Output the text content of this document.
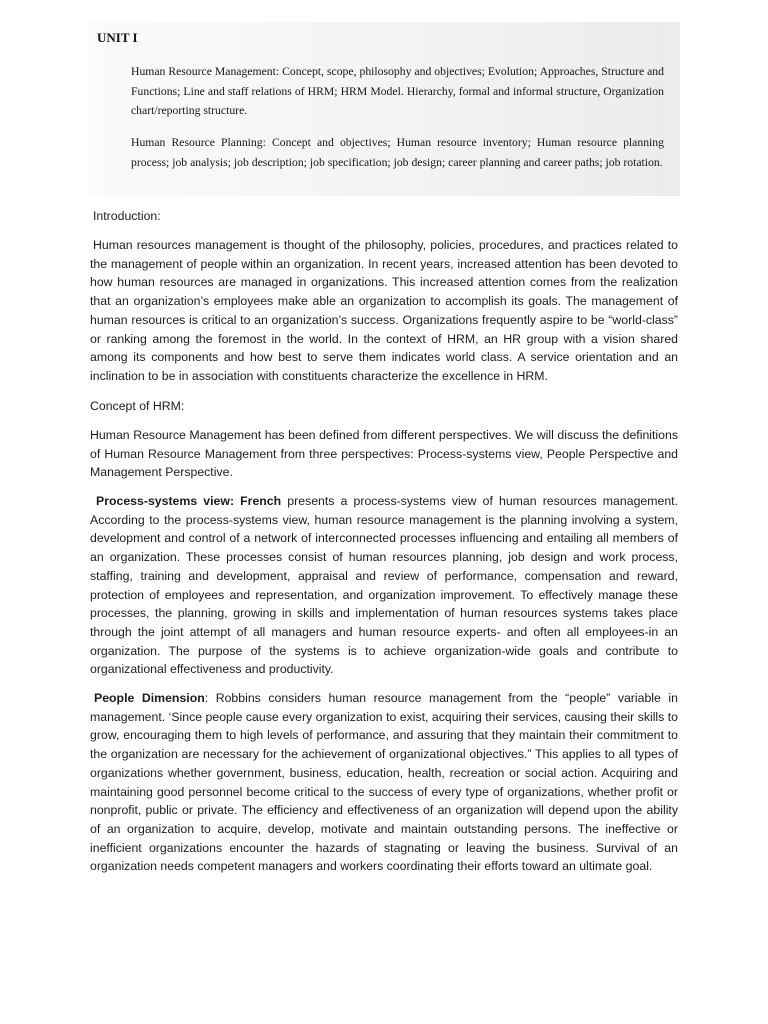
UNIT I

Human Resource Management: Concept, scope, philosophy and objectives; Evolution; Approaches, Structure and Functions; Line and staff relations of HRM; HRM Model. Hierarchy, formal and informal structure, Organization chart/reporting structure.

Human Resource Planning: Concept and objectives; Human resource inventory; Human resource planning process; job analysis; job description; job specification; job design; career planning and career paths; job rotation.

Introduction:

Human resources management is thought of the philosophy, policies, procedures, and practices related to the management of people within an organization. In recent years, increased attention has been devoted to how human resources are managed in organizations. This increased attention comes from the realization that an organization’s employees make able an organization to accomplish its goals. The management of human resources is critical to an organization’s success. Organizations frequently aspire to be “world-class” or ranking among the foremost in the world. In the context of HRM, an HR group with a vision shared among its components and how best to serve them indicates world class. A service orientation and an inclination to be in association with constituents characterize the excellence in HRM.

Concept of HRM:

Human Resource Management has been defined from different perspectives. We will discuss the definitions of Human Resource Management from three perspectives: Process-systems view, People Perspective and Management Perspective.

Process-systems view: French presents a process-systems view of human resources management. According to the process-systems view, human resource management is the planning involving a system, development and control of a network of interconnected processes influencing and entailing all members of an organization. These processes consist of human resources planning, job design and work process, staffing, training and development, appraisal and review of performance, compensation and reward, protection of employees and representation, and organization improvement. To effectively manage these processes, the planning, growing in skills and implementation of human resources systems takes place through the joint attempt of all managers and human resource experts- and often all employees-in an organization. The purpose of the systems is to achieve organization-wide goals and contribute to organizational effectiveness and productivity.

People Dimension: Robbins considers human resource management from the “people” variable in management. ‘Since people cause every organization to exist, acquiring their services, causing their skills to grow, encouraging them to high levels of performance, and assuring that they maintain their commitment to the organization are necessary for the achievement of organizational objectives.” This applies to all types of organizations whether government, business, education, health, recreation or social action. Acquiring and maintaining good personnel become critical to the success of every type of organizations, whether profit or nonprofit, public or private. The efficiency and effectiveness of an organization will depend upon the ability of an organization to acquire, develop, motivate and maintain outstanding persons. The ineffective or inefficient organizations encounter the hazards of stagnating or leaving the business. Survival of an organization needs competent managers and workers coordinating their efforts toward an ultimate goal.
